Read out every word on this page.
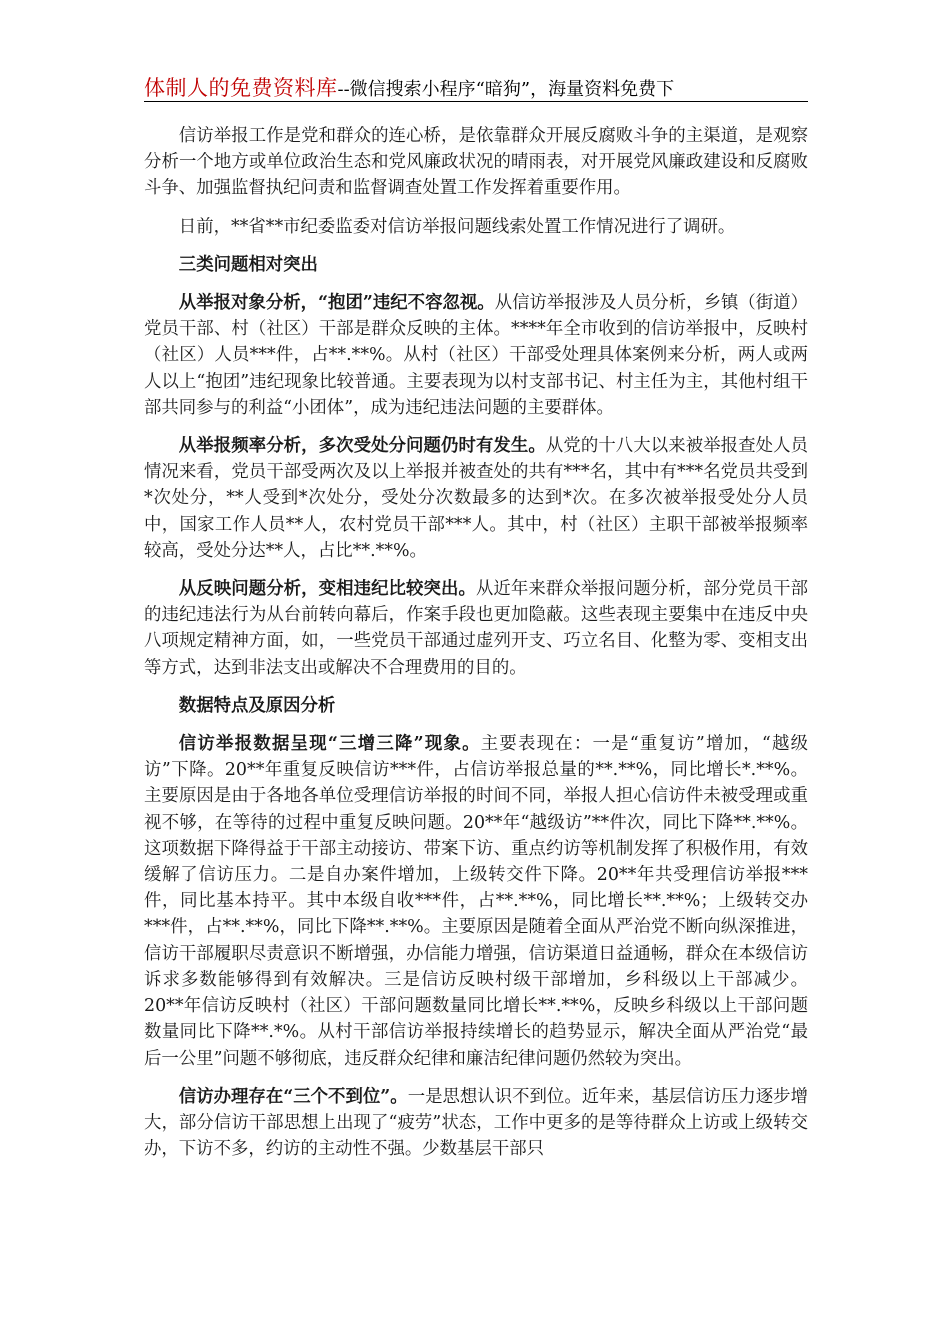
体制人的免费资料库--微信搜索小程序“暗狗”，海量资料免费下

信访举报工作是党和群众的连心桥，是依靠群众开展反腐败斗争的主渠道，是观察分析一个地方或单位政治生态和党风廉政状况的晴雨表，对开展党风廉政建设和反腐败斗争、加强监督执纪问责和监督调查处置工作发挥着重要作用。

日前，**省**市纪委监委对信访举报问题线索处置工作情况进行了调研。

三类问题相对突出

从举报对象分析，“抱团”违纪不容忽视。从信访举报涉及人员分析，乡镇（街道）党员干部、村（社区）干部是群众反映的主体。****年全市收到的信访举报中，反映村（社区）人员***件，占**.**%。从村（社区）干部受处理具体案例来分析，两人或两人以上“抱团”违纪现象比较普通。主要表现为以村支部书记、村主任为主，其他村组干部共同参与的利益“小团体”，成为违纪违法问题的主要群体。

从举报频率分析，多次受处分问题仍时有发生。从党的十八大以来被举报查处人员情况来看，党员干部受两次及以上举报并被查处的共有***名，其中有***名党员共受到*次处分，**人受到*次处分，受处分次数最多的达到*次。在多次被举报受处分人员中，国家工作人员**人，农村党员干部***人。其中，村（社区）主职干部被举报频率较高，受处分达**人，占比**.**%。

从反映问题分析，变相违纪比较突出。从近年来群众举报问题分析，部分党员干部的违纪违法行为从台前转向幕后，作案手段也更加隐蔽。这些表现主要集中在违反中央八项规定精神方面，如，一些党员干部通过虚列开支、巧立名目、化整为零、变相支出等方式，达到非法支出或解决不合理费用的目的。

数据特点及原因分析

信访举报数据呈现“三增三降”现象。主要表现在：一是“重复访”增加，“越级访”下降。20**年重复反映信访***件，占信访举报总量的**.**%，同比增长*.**%。主要原因是由于各地各单位受理信访举报的时间不同，举报人担心信访件未被受理或重视不够，在等待的过程中重复反映问题。20**年“越级访”**件次，同比下降**.**%。这项数据下降得益于干部主动接访、带案下访、重点约访等机制发挥了积极作用，有效缓解了信访压力。二是自办案件增加，上级转交件下降。20**年共受理信访举报***件，同比基本持平。其中本级自收***件，占**.**%，同比增长**.**%；上级转交办***件，占**.**%，同比下降**.**%。主要原因是随着全面从严治党不断向纵深推进，信访干部履职尽责意识不断增强，办信能力增强，信访渠道日益通畅，群众在本级信访诉求多数能够得到有效解决。三是信访反映村级干部增加，乡科级以上干部减少。20**年信访反映村（社区）干部问题数量同比增长**.**%，反映乡科级以上干部问题数量同比下降**.*%。从村干部信访举报持续增长的趋势显示，解决全面从严治党“最后一公里”问题不够彻底，违反群众纪律和廉洁纪律问题仍然较为突出。

信访办理存在“三个不到位”。一是思想认识不到位。近年来，基层信访压力逐步增大，部分信访干部思想上出现了“疲劳”状态，工作中更多的是等待群众上访或上级转交办，下访不多，约访的主动性不强。少数基层干部只
